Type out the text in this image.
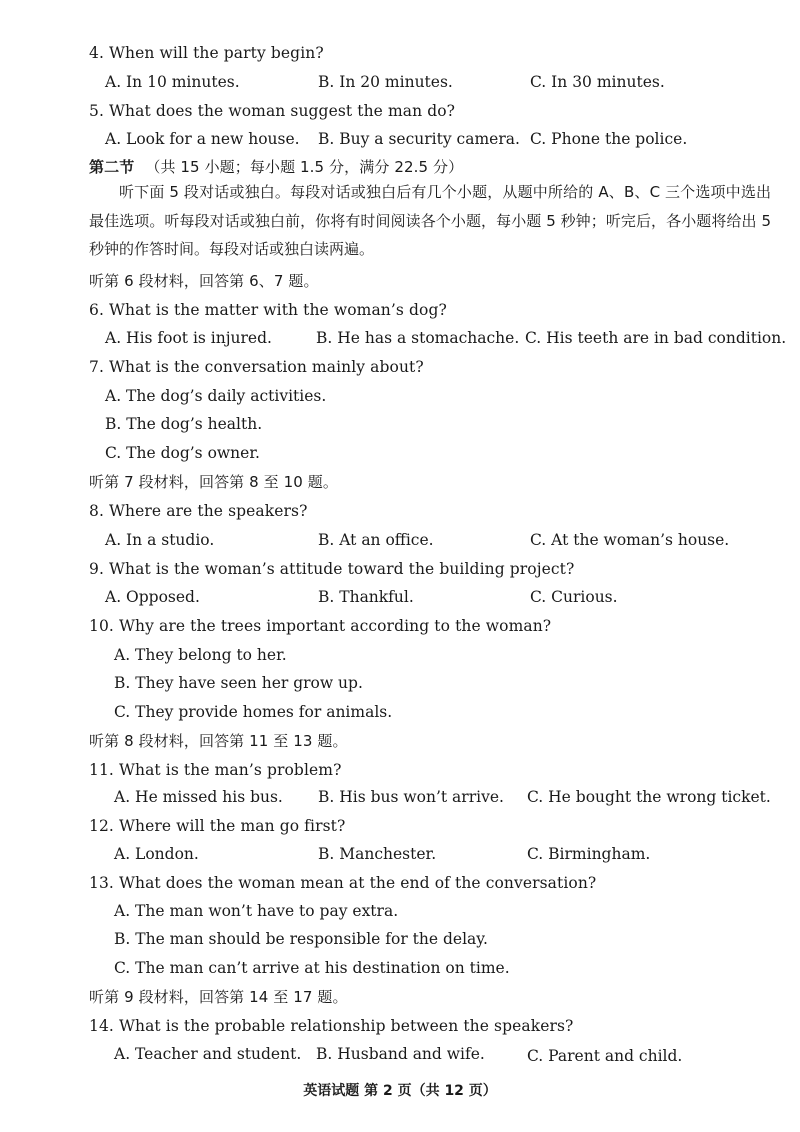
4. When will the party begin?
A. In 10 minutes.	B. In 20 minutes.	C. In 30 minutes.
5. What does the woman suggest the man do?
A. Look for a new house. B. Buy a security camera. C. Phone the police.
第二节 （共 15 小题；每小题 1.5 分，满分 22.5 分）
听下面 5 段对话或独白。每段对话或独白后有几个小题，从题中所给的 A、B、C 三个选项中选出最佳选项。听每段对话或独白前，你将有时间阅读各个小题，每小题 5 秒钟；听完后，各小题将给出 5 秒钟的作答时间。每段对话或独白读两遍。
听第 6 段材料，回答第 6、7 题。
6. What is the matter with the woman’s dog?
A. His foot is injured.	B. He has a stomachache. C. His teeth are in bad condition.
7. What is the conversation mainly about?
A. The dog’s daily activities.
B. The dog’s health.
C. The dog’s owner.
听第 7 段材料，回答第 8 至 10 题。
8. Where are the speakers?
A. In a studio.	B. At an office.	C. At the woman’s house.
9. What is the woman’s attitude toward the building project?
A. Opposed.	B. Thankful.	C. Curious.
10. Why are the trees important according to the woman?
A. They belong to her.
B. They have seen her grow up.
C. They provide homes for animals.
听第 8 段材料，回答第 11 至 13 题。
11. What is the man’s problem?
A. He missed his bus. B. His bus won’t arrive. C. He bought the wrong ticket.
12. Where will the man go first?
A. London.	B. Manchester.	C. Birmingham.
13. What does the woman mean at the end of the conversation?
A. The man won’t have to pay extra.
B. The man should be responsible for the delay.
C. The man can’t arrive at his destination on time.
听第 9 段材料，回答第 14 至 17 题。
14. What is the probable relationship between the speakers?
A. Teacher and student. B. Husband and wife.	C. Parent and child.
英语试题 第 2 页（共 12 页）
